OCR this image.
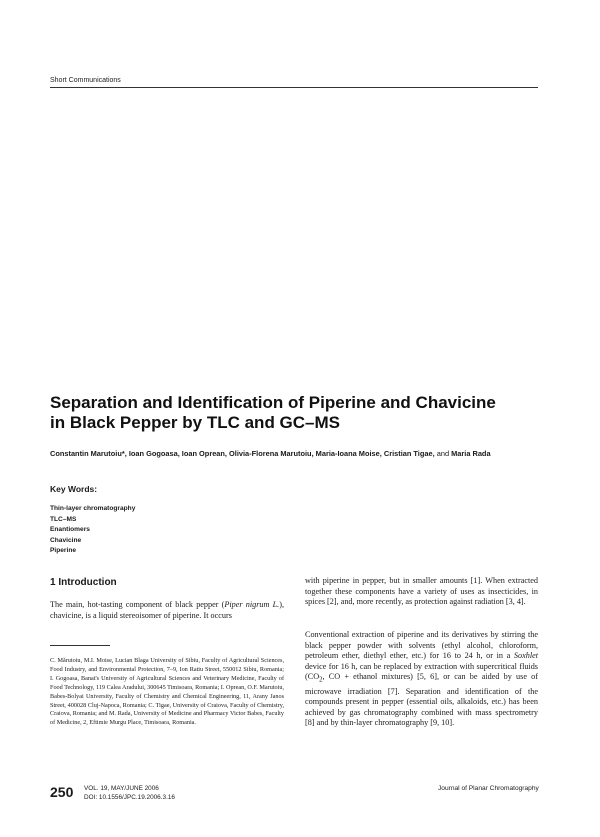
Short Communications
Separation and Identification of Piperine and Chavicine
in Black Pepper by TLC and GC–MS
Constantin Marutoiu*, Ioan Gogoasa, Ioan Oprean, Olivia-Florena Marutoiu, Maria-Ioana Moise, Cristian Tigae, and Maria Rada
Key Words:
Thin-layer chromatography
TLC–MS
Enantiomers
Chavicine
Piperine
1 Introduction
The main, hot-tasting component of black pepper (Piper nigrum L.), chavicine, is a liquid stereoisomer of piperine. It occurs
C. Mărutoiu, M.I. Moise, Lucian Blaga University of Sibiu, Faculty of Agricultural Sciences, Food Industry, and Environmental Protection, 7–9, Ion Ratiu Street, 550012 Sibiu, Romania; I. Gogoasa, Banat's University of Agricultural Sciences and Veterinary Medicine, Faculty of Food Technology, 119 Calea Aradului, 300645 Timisoara, Romania; I. Oprean, O.F. Marutoiu, Babes-Bolyai University, Faculty of Chemistry and Chemical Engineering, 11, Arany Janos Street, 400028 Cluj-Napoca, Romania; C. Tigae, University of Craiova, Faculty of Chemistry, Craiova, Romania; and M. Rada, University of Medicine and Pharmacy Victor Babes, Faculty of Medicine, 2, Eftimie Murgu Place, Timisoara, Romania.
with piperine in pepper, but in smaller amounts [1]. When extracted together these components have a variety of uses as insecticides, in spices [2], and, more recently, as protection against radiation [3, 4].
Conventional extraction of piperine and its derivatives by stirring the black pepper powder with solvents (ethyl alcohol, chloroform, petroleum ether, diethyl ether, etc.) for 16 to 24 h, or in a Soxhlet device for 16 h, can be replaced by extraction with supercritical fluids ($CO_2$, CO + ethanol mixtures) [5, 6], or can be aided by use of microwave irradiation [7]. Separation and identification of the compounds present in pepper (essential oils, alkaloids, etc.) has been achieved by gas chromatography combined with mass spectrometry [8] and by thin-layer chromatography [9, 10].
250 VOL. 19, MAY/JUNE 2006
DOI: 10.1556/JPC.19.2006.3.16
Journal of Planar Chromatography
